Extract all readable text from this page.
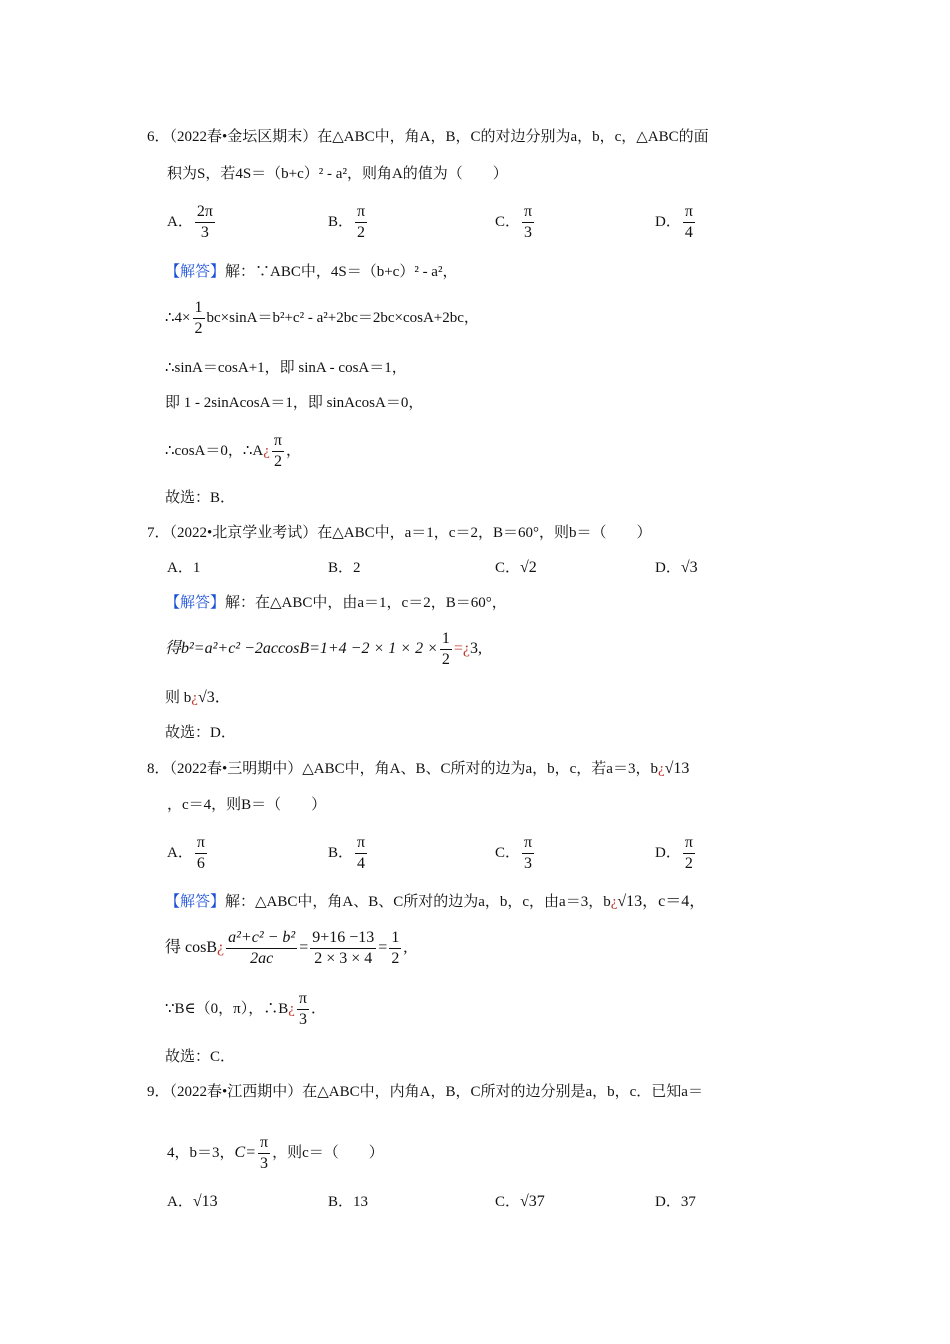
6．（2022春•金坛区期末）在△ABC中，角A，B，C的对边分别为a，b，c，△ABC的面
积为S，若4S＝（b+c）² - a²，则角A的值为（　　）
A． $\frac{2\pi}{3}$	B． $\frac{\pi}{2}$	C． $\frac{\pi}{3}$	D． $\frac{\pi}{4}$
【解答】解：∵ABC中，4S＝（b+c）² - a²，
∴4× $\frac{1}{2} bc\times\sin A=b^2+c^2 - a^2+2bc=2bc\times\cos A+2bc$，
∴sinA＝cosA+1，即 sinA - cosA＝1，
即 1 - 2sinAcosA＝1，即 sinAcosA＝0，
∴cosA＝0，∴A¿ $\frac{\pi}{2}$ ，
故选：B．
7．（2022•北京学业考试）在△ABC中，a＝1，c＝2，B＝60°，则b＝（　　）
A．1	B．2	C．√2	D．√3
【解答】解：在△ABC中，由a＝1，c＝2，B＝60°，
得$b^2=a^2+c^2 -2accosB=1+4 -2 \times 1 \times 2 \times \frac{1}{2}$ =¿3,
则 b¿√3．
故选：D．
8．（2022春•三明期中）△ABC中，角A、B、C所对的边为a，b，c，若a＝3，b¿√13
，c＝4，则B＝（　　）
A． $\frac{\pi}{6}$	B． $\frac{\pi}{4}$	C． $\frac{\pi}{3}$	D． $\frac{\pi}{2}$
【解答】解：△ABC中，角A、B、C所对的边为a，b，c，由a＝3，b¿√13，c＝4，
得 cosB¿ $\frac{\text{a²+c² − b²}}{2ac} = \frac{9+16 -13}{2 \times 3 \times 4} = \frac{1}{2}$ ,
∵B∈（0，π），∴B¿ $\frac{\pi}{3}$ ．
故选：C．
9．（2022春•江西期中）在△ABC中，内角A，B，C所对的边分别是a，b，c．已知a＝
4，b＝3，$C= \frac{\pi}{3}$ ，则c＝（　　）
A．√13	B．13	C．√37	D．37
